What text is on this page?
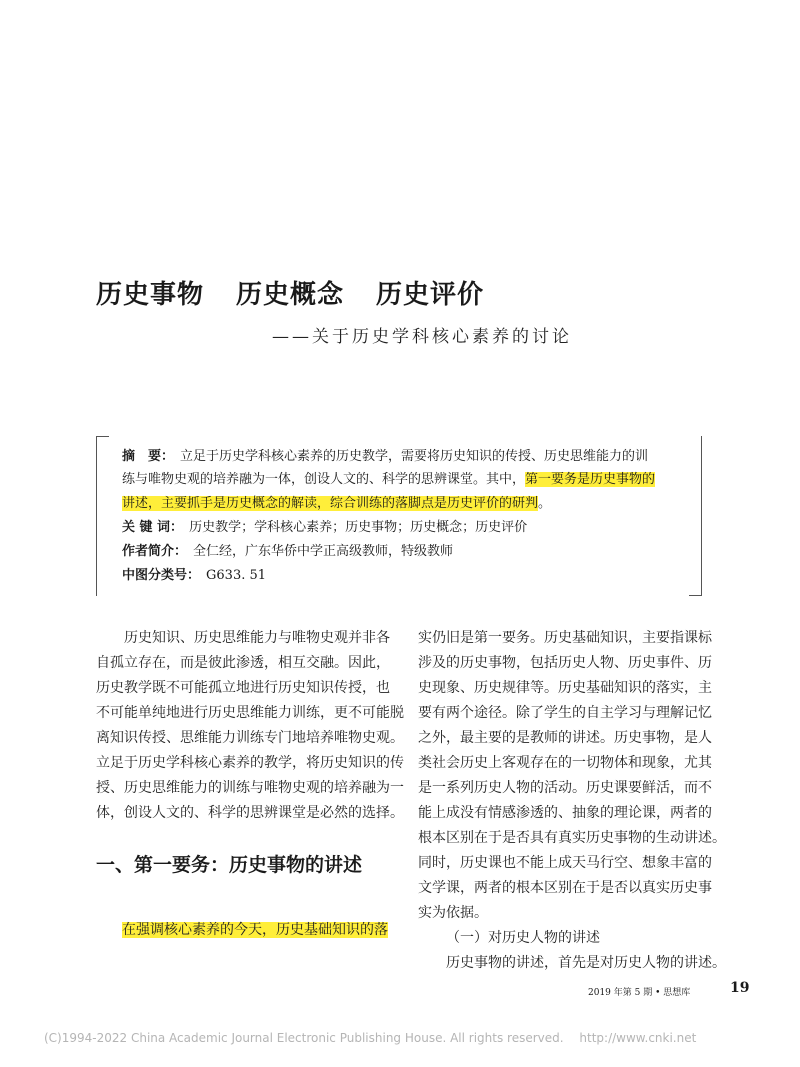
历史事物 历史概念 历史评价
——关于历史学科核心素养的讨论
摘　要： 立足于历史学科核心素养的历史教学，需要将历史知识的传授、历史思维能力的训
练与唯物史观的培养融为一体，创设人文的、科学的思辨课堂。其中，第一要务是历史事物的
讲述，主要抓手是历史概念的解读，综合训练的落脚点是历史评价的研判。
关 键 词： 历史教学；学科核心素养；历史事物；历史概念；历史评价
作者简介： 全仁经，广东华侨中学正高级教师，特级教师
中图分类号： G633. 51

历史知识、历史思维能力与唯物史观并非各

自孤立存在，而是彼此渗透，相互交融。因此，

历史教学既不可能孤立地进行历史知识传授，也

不可能单纯地进行历史思维能力训练，更不可能脱

离知识传授、思维能力训练专门地培养唯物史观。

立足于历史学科核心素养的教学，将历史知识的传

授、历史思维能力的训练与唯物史观的培养融为一

体，创设人文的、科学的思辨课堂是必然的选择。

一、第一要务：历史事物的讲述

在强调核心素养的今天，历史基础知识的落

实仍旧是第一要务。历史基础知识，主要指课标

涉及的历史事物，包括历史人物、历史事件、历

史现象、历史规律等。历史基础知识的落实，主

要有两个途径。除了学生的自主学习与理解记忆

之外，最主要的是教师的讲述。历史事物，是人

类社会历史上客观存在的一切物体和现象，尤其

是一系列历史人物的活动。历史课要鲜活，而不

能上成没有情感渗透的、抽象的理论课，两者的

根本区别在于是否具有真实历史事物的生动讲述。

同时，历史课也不能上成天马行空、想象丰富的

文学课，两者的根本区别在于是否以真实历史事

实为依据。

（一）对历史人物的讲述

历史事物的讲述，首先是对历史人物的讲述。

2019 年第 5 期 • 思想库	19
(C)1994-2022 China Academic Journal Electronic Publishing House. All rights reserved.　 http://www.cnki.net
